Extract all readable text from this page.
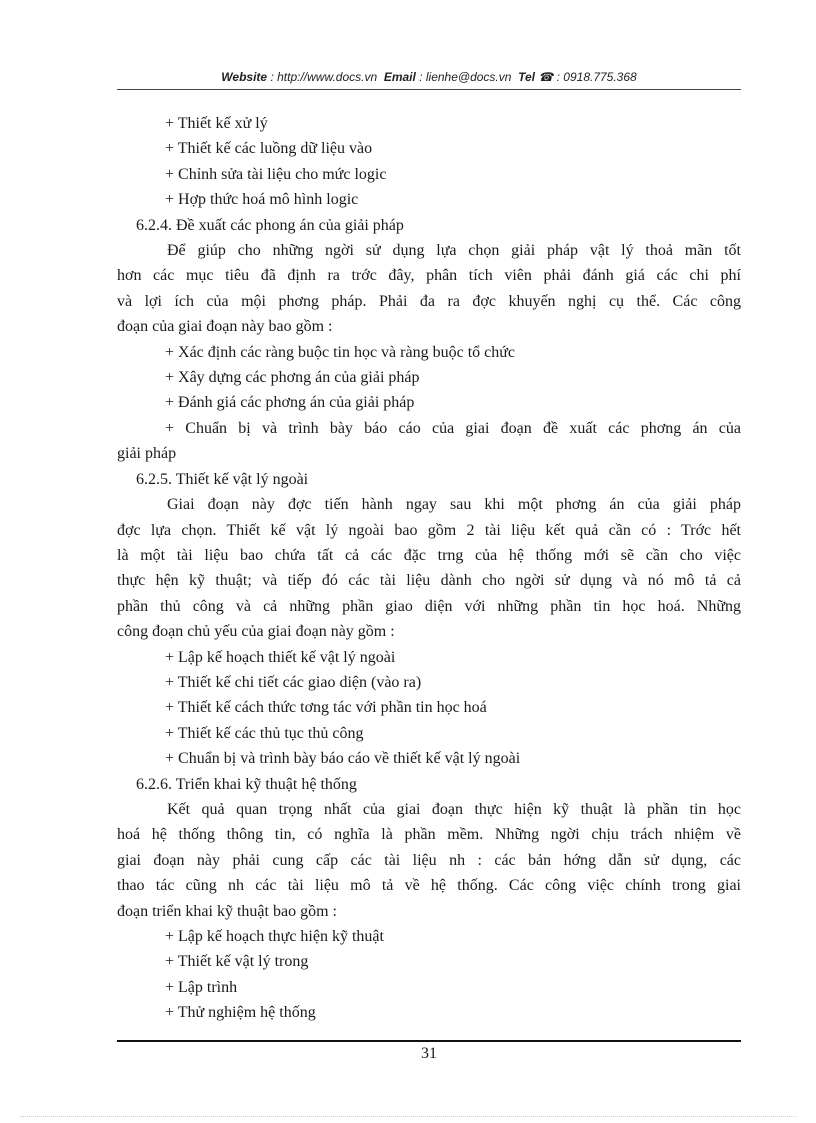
Website : http://www.docs.vn Email : lienhe@docs.vn Tel ☎ : 0918.775.368
+ Thiết kế xử lý
+ Thiết kế các luồng dữ liệu vào
+ Chỉnh sửa tài liệu cho mức logic
+ Hợp thức hoá mô hình logic
6.2.4. Đề xuất các phong án của giải pháp
Để giúp cho những ngời sử dụng lựa chọn giải pháp vật lý thoả mãn tốt
hơn các mục tiêu đã định ra trớc đây, phân tích viên phải đánh giá các chi phí
và lợi ích của mội phơng pháp. Phải đa ra đợc khuyến nghị cụ thể. Các công
đoạn của giai đoạn này bao gồm :
+ Xác định các ràng buộc tin học và ràng buộc tổ chức
+ Xây dựng các phơng án của giải pháp
+ Đánh giá các phơng án của giải pháp
+ Chuẩn bị và trình bày báo cáo của giai đoạn đề xuất các phơng án của
giải pháp
6.2.5. Thiết kế vật lý ngoài
Giai đoạn này đợc tiến hành ngay sau khi một phơng án của giải pháp
đợc lựa chọn. Thiết kế vật lý ngoài bao gồm 2 tài liệu kết quả cần có : Trớc hết
là một tài liệu bao chứa tất cả các đặc trng của hệ thống mới sẽ cần cho việc
thực hện kỹ thuật; và tiếp đó các tài liệu dành cho ngời sử dụng và nó mô tả cả
phần thủ công và cả những phần giao diện với những phần tin học hoá. Những
công đoạn chủ yếu của giai đoạn này gồm :
+ Lập kế hoạch thiết kế vật lý ngoài
+ Thiết kế chi tiết các giao diện (vào ra)
+ Thiết kế cách thức tơng tác với phần tin học hoá
+ Thiết kế các thủ tục thủ công
+ Chuẩn bị và trình bày báo cáo về thiết kế vật lý ngoài
6.2.6. Triển khai kỹ thuật hệ thống
Kết quả quan trọng nhất của giai đoạn thực hiện kỹ thuật là phần tin học
hoá hệ thống thông tin, có nghĩa là phần mềm. Những ngời chịu trách nhiệm về
giai đoạn này phải cung cấp các tài liệu nh : các bản hớng dẫn sử dụng, các
thao tác cũng nh các tài liệu mô tả về hệ thống. Các công việc chính trong giai
đoạn triển khai kỹ thuật bao gồm :
+ Lập kế hoạch thực hiện kỹ thuật
+ Thiết kế vật lý trong
+ Lập trình
+ Thử nghiệm hệ thống
31
